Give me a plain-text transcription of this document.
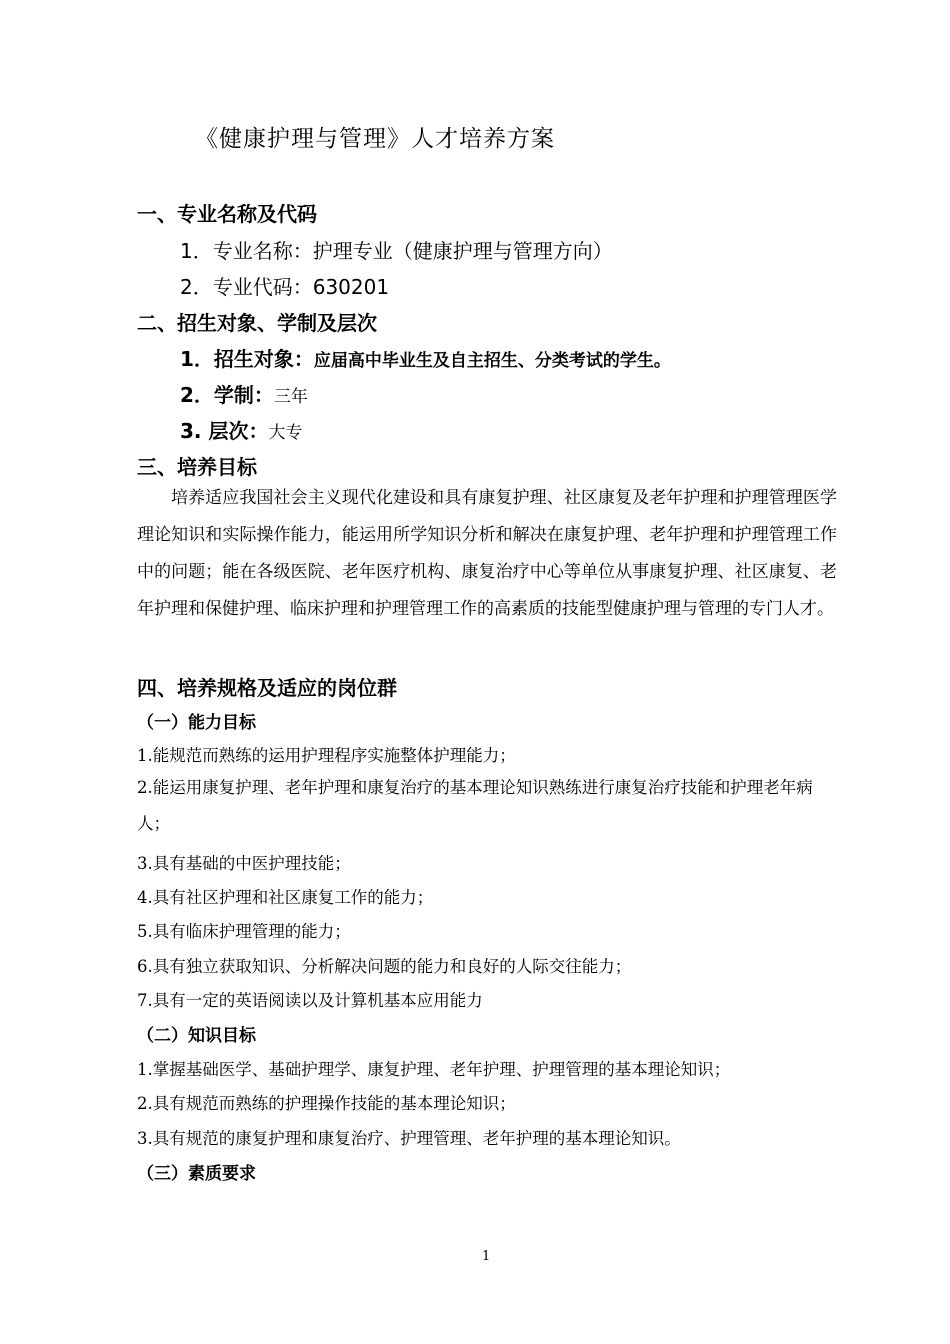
《健康护理与管理》人才培养方案
一、专业名称及代码
1．专业名称：护理专业（健康护理与管理方向）
2．专业代码：630201
二、招生对象、学制及层次
1．招生对象：应届高中毕业生及自主招生、分类考试的学生。
2．学制：三年
3. 层次：大专
三、培养目标
培养适应我国社会主义现代化建设和具有康复护理、社区康复及老年护理和护理管理医学理论知识和实际操作能力，能运用所学知识分析和解决在康复护理、老年护理和护理管理工作中的问题；能在各级医院、老年医疗机构、康复治疗中心等单位从事康复护理、社区康复、老年护理和保健护理、临床护理和护理管理工作的高素质的技能型健康护理与管理的专门人才。
四、培养规格及适应的岗位群
（一）能力目标
1.能规范而熟练的运用护理程序实施整体护理能力；
2.能运用康复护理、老年护理和康复治疗的基本理论知识熟练进行康复治疗技能和护理老年病人；
3.具有基础的中医护理技能；
4.具有社区护理和社区康复工作的能力；
5.具有临床护理管理的能力；
6.具有独立获取知识、分析解决问题的能力和良好的人际交往能力；
7.具有一定的英语阅读以及计算机基本应用能力
（二）知识目标
1.掌握基础医学、基础护理学、康复护理、老年护理、护理管理的基本理论知识；
2.具有规范而熟练的护理操作技能的基本理论知识；
3.具有规范的康复护理和康复治疗、护理管理、老年护理的基本理论知识。
（三）素质要求
1
